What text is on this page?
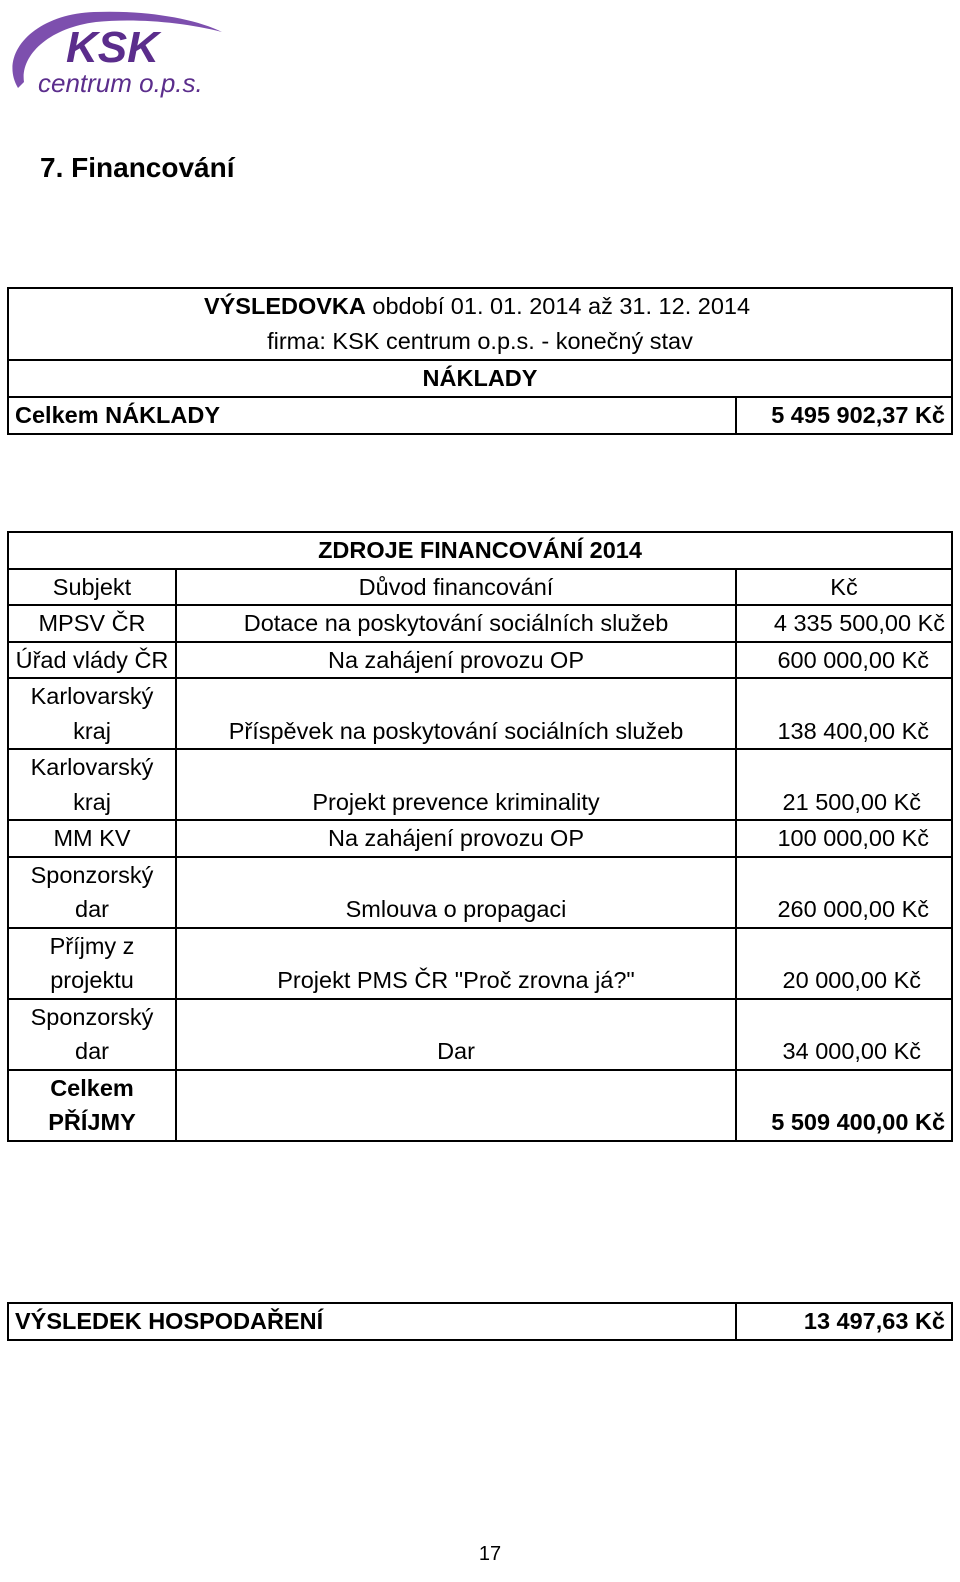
KSK
centrum o.p.s.
7. Financování
VÝSLEDOVKA období 01. 01. 2014 až 31. 12. 2014
firma: KSK centrum o.p.s. - konečný stav
NÁKLADY
Celkem NÁKLADY	5 495 902,37 Kč
ZDROJE FINANCOVÁNÍ 2014		
Subjekt	Důvod financování	Kč
MPSV ČR	Dotace na poskytování sociálních služeb	4 335 500,00 Kč
Úřad vlády ČR	Na zahájení provozu OP	600 000,00 Kč
Karlovarský kraj	Příspěvek na poskytování sociálních služeb	138 400,00 Kč
Karlovarský kraj	Projekt prevence kriminality	21 500,00 Kč
MM KV	Na zahájení provozu OP	100 000,00 Kč
Sponzorský dar	Smlouva o propagaci	260 000,00 Kč
Příjmy z projektu	Projekt PMS ČR "Proč zrovna já?"	20 000,00 Kč
Sponzorský dar	Dar	34 000,00 Kč
Celkem PŘÍJMY		5 509 400,00 Kč
VÝSLEDEK HOSPODAŘENÍ	13 497,63 Kč
17
